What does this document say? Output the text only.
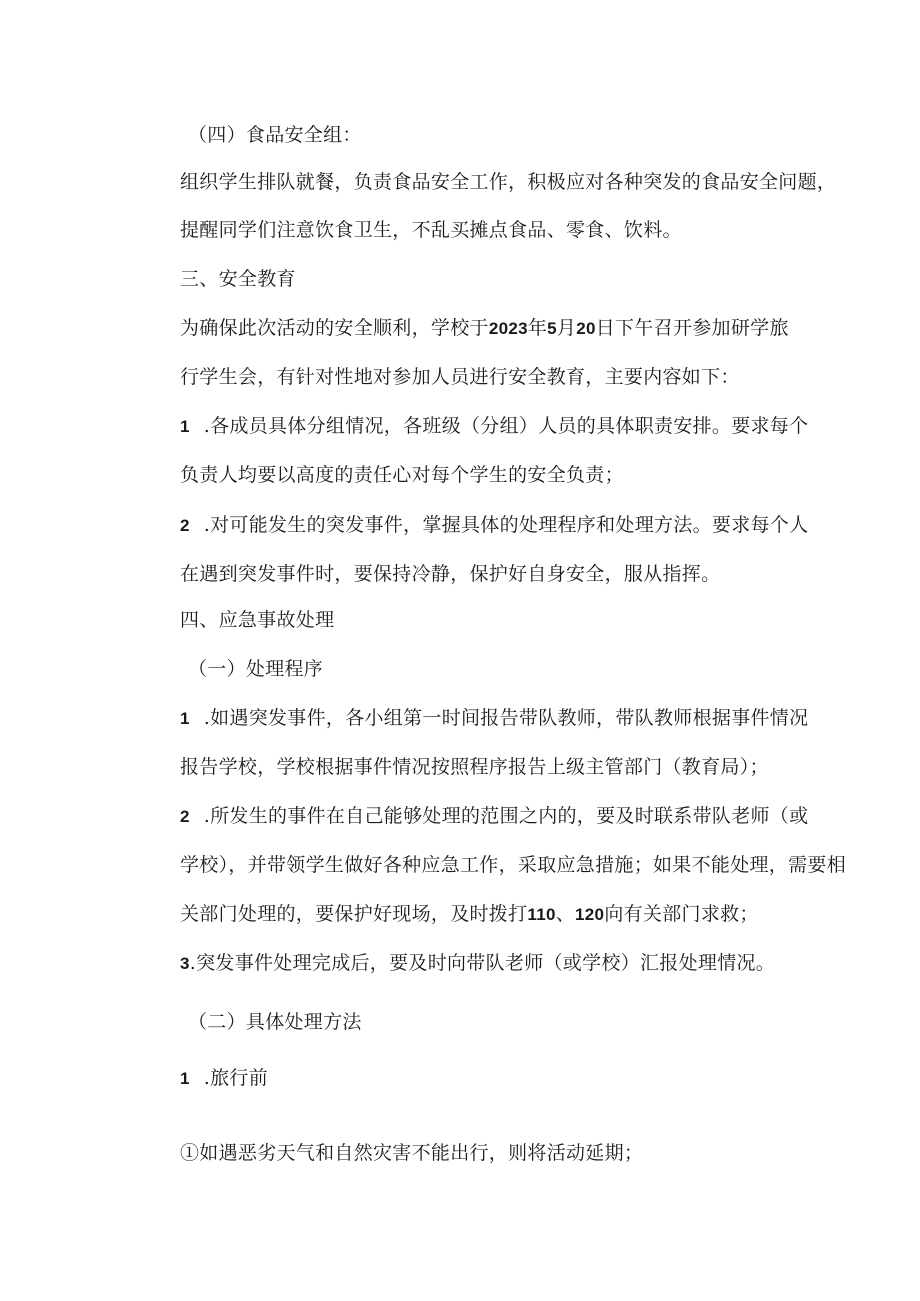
（四）食品安全组：
组织学生排队就餐，负责食品安全工作，积极应对各种突发的食品安全问题，
提醒同学们注意饮食卫生，不乱买摊点食品、零食、饮料。
三、安全教育
为确保此次活动的安全顺利，学校于2023年5月20日下午召开参加研学旅
行学生会，有针对性地对参加人员进行安全教育，主要内容如下：
1 .各成员具体分组情况，各班级（分组）人员的具体职责安排。要求每个
负责人均要以高度的责任心对每个学生的安全负责；
2 .对可能发生的突发事件，掌握具体的处理程序和处理方法。要求每个人
在遇到突发事件时，要保持冷静，保护好自身安全，服从指挥。
四、应急事故处理
（一）处理程序
1 .如遇突发事件，各小组第一时间报告带队教师，带队教师根据事件情况
报告学校，学校根据事件情况按照程序报告上级主管部门（教育局）；
2 .所发生的事件在自己能够处理的范围之内的，要及时联系带队老师（或
学校），并带领学生做好各种应急工作，采取应急措施；如果不能处理，需要相
关部门处理的，要保护好现场，及时拨打110、120向有关部门求救；
3.突发事件处理完成后，要及时向带队老师（或学校）汇报处理情况。
（二）具体处理方法
1 .旅行前
①如遇恶劣天气和自然灾害不能出行，则将活动延期；
